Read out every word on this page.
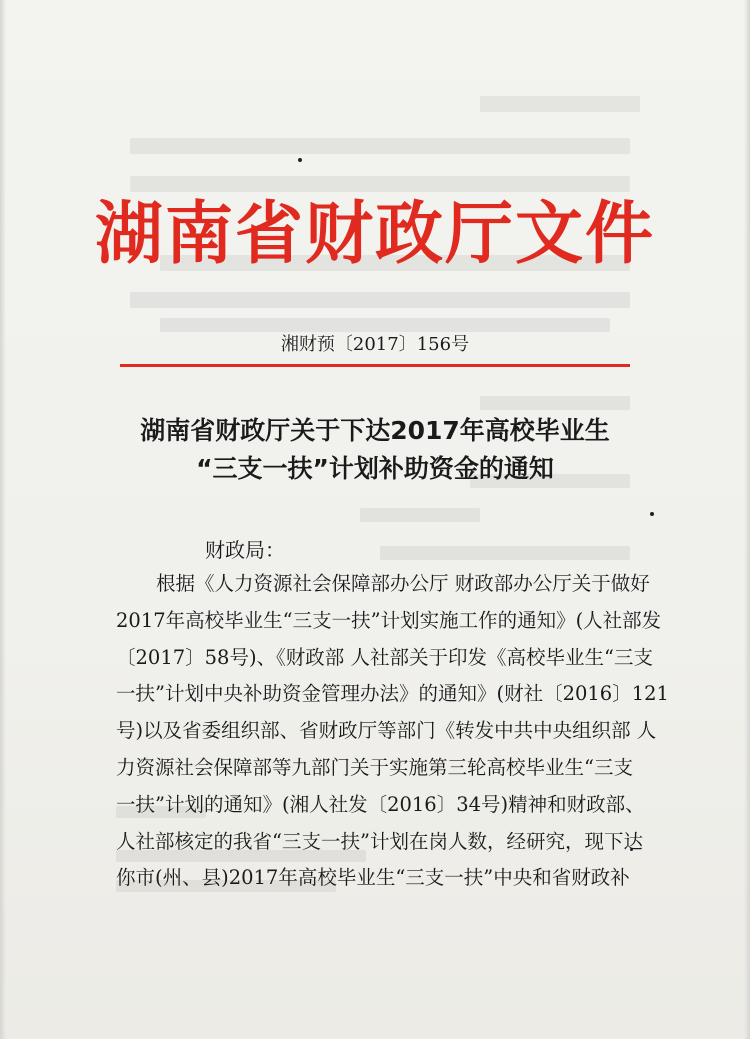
湖南省财政厅文件
湘财预〔2017〕156号
湖南省财政厅关于下达2017年高校毕业生
“三支一扶”计划补助资金的通知
财政局：
根据《人力资源社会保障部办公厅 财政部办公厅关于做好
2017年高校毕业生“三支一扶”计划实施工作的通知》(人社部发
〔2017〕58号)、《财政部 人社部关于印发《高校毕业生“三支
一扶”计划中央补助资金管理办法》的通知》(财社〔2016〕121
号)以及省委组织部、省财政厅等部门《转发中共中央组织部 人
力资源社会保障部等九部门关于实施第三轮高校毕业生“三支
一扶”计划的通知》(湘人社发〔2016〕34号)精神和财政部、
人社部核定的我省“三支一扶”计划在岗人数，经研究，现下达
你市(州、县)2017年高校毕业生“三支一扶”中央和省财政补
